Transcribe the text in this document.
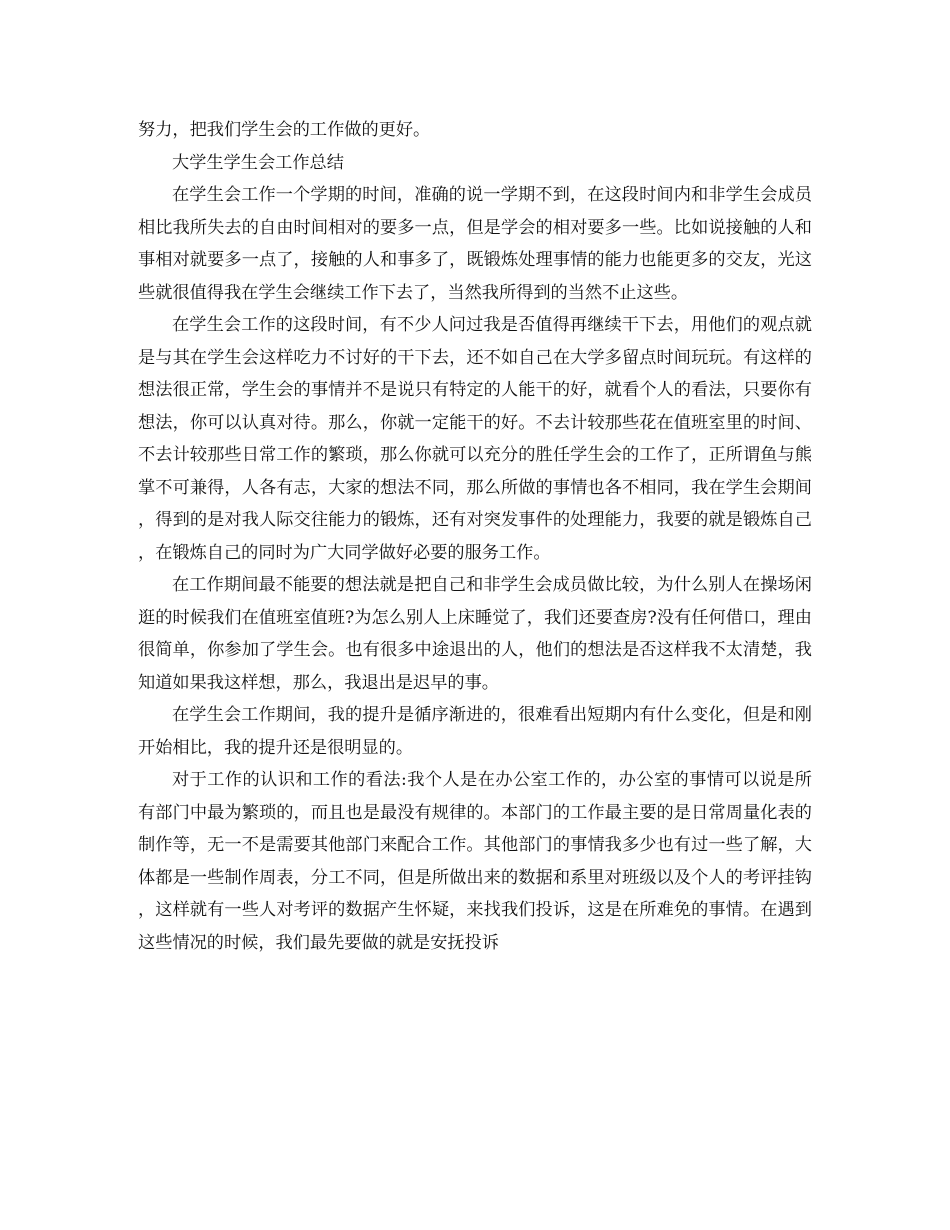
努力，把我们学生会的工作做的更好。

大学生学生会工作总结

在学生会工作一个学期的时间，准确的说一学期不到，在这段时间内和非学生会成员相比我所失去的自由时间相对的要多一点，但是学会的相对要多一些。比如说接触的人和事相对就要多一点了，接触的人和事多了，既锻炼处理事情的能力也能更多的交友，光这些就很值得我在学生会继续工作下去了，当然我所得到的当然不止这些。

在学生会工作的这段时间，有不少人问过我是否值得再继续干下去，用他们的观点就是与其在学生会这样吃力不讨好的干下去，还不如自己在大学多留点时间玩玩。有这样的想法很正常，学生会的事情并不是说只有特定的人能干的好，就看个人的看法，只要你有想法，你可以认真对待。那么，你就一定能干的好。不去计较那些花在值班室里的时间、不去计较那些日常工作的繁琐，那么你就可以充分的胜任学生会的工作了，正所谓鱼与熊掌不可兼得，人各有志，大家的想法不同，那么所做的事情也各不相同，我在学生会期间，得到的是对我人际交往能力的锻炼，还有对突发事件的处理能力，我要的就是锻炼自己，在锻炼自己的同时为广大同学做好必要的服务工作。

在工作期间最不能要的想法就是把自己和非学生会成员做比较，为什么别人在操场闲逛的时候我们在值班室值班?为怎么别人上床睡觉了，我们还要查房?没有任何借口，理由很简单，你参加了学生会。也有很多中途退出的人，他们的想法是否这样我不太清楚，我知道如果我这样想，那么，我退出是迟早的事。

在学生会工作期间，我的提升是循序渐进的，很难看出短期内有什么变化，但是和刚开始相比，我的提升还是很明显的。

对于工作的认识和工作的看法:我个人是在办公室工作的，办公室的事情可以说是所有部门中最为繁琐的，而且也是最没有规律的。本部门的工作最主要的是日常周量化表的制作等，无一不是需要其他部门来配合工作。其他部门的事情我多少也有过一些了解，大体都是一些制作周表，分工不同，但是所做出来的数据和系里对班级以及个人的考评挂钩，这样就有一些人对考评的数据产生怀疑，来找我们投诉，这是在所难免的事情。在遇到这些情况的时候，我们最先要做的就是安抚投诉
